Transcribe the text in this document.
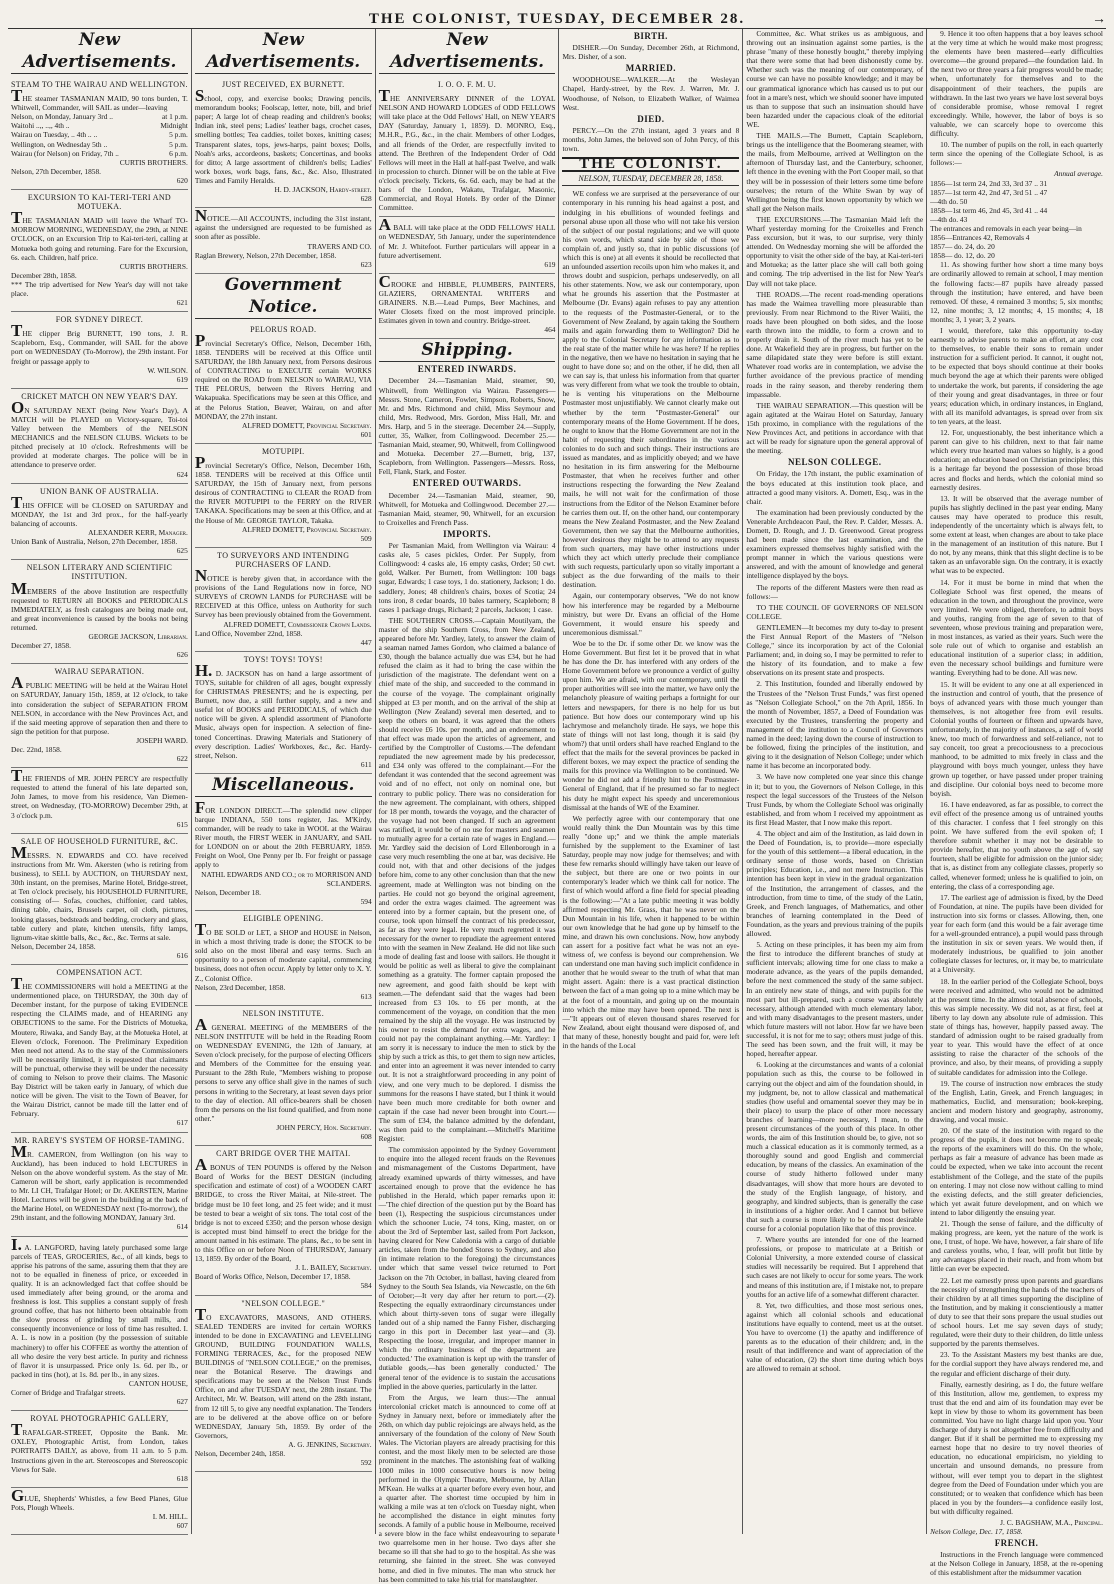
THE COLONIST, TUESDAY, DECEMBER 28.	→
New Advertisements.
STEAM TO THE WAIRAU AND WELLINGTON.

THE steamer TASMANIAN MAID, 90 tons burden, T. Whitwell, Commander, will SAIL as under—leaving

Nelson, on Monday, January 3rd ..	at 1 p.m.
Waitohi ..,, ..,, 4th ..	Midnight
Wairau on Tuesday, .. 4th .. ..	5 p.m.
Wellington, on Wednesday 5th ..	5 p.m.
Wairau (for Nelson) on Friday, 7th ..	6 p.m.

CURTIS BROTHERS.

Nelson, 27th December, 1858.

620

EXCURSION TO KAI-TERI-TERI AND MOTUEKA.

THE TASMANIAN MAID will leave the Wharf TO-MORROW MORNING, WEDNESDAY, the 29th, at NINE O'CLOCK, on an Excursion Trip to Kai-teri-teri, calling at Motueka both going and returning. Fare for the Excursion, 6s. each. Children, half price.

CURTIS BROTHERS.

December 28th, 1858.

*** The trip advertised for New Year's day will not take place.

621

FOR SYDNEY DIRECT.

THE clipper Brig BURNETT, 190 tons, J. R. Scapleborn, Esq., Commander, will SAIL for the above port on WEDNESDAY (To-Morrow), the 29th instant. For freight or passage apply to

W. WILSON.

619

CRICKET MATCH ON NEW YEAR'S DAY.

ON SATURDAY NEXT (being New Year's Day), A MATCH will be PLAYED on Victory-square, Toi-toi Valley between the Members of the NELSON MECHANICS and the NELSON CLUBS. Wickets to be pitched precisely at 10 o'clock. Refreshments will be provided at moderate charges. The police will be in attendance to preserve order.

624

UNION BANK OF AUSTRALIA.

THIS OFFICE will be CLOSED on SATURDAY and MONDAY, the 1st and 3rd prox., for the half-yearly balancing of accounts.

ALEXANDER KERR, Manager.

Union Bank of Australia, Nelson, 27th December, 1858.

625

NELSON LITERARY AND SCIENTIFIC INSTITUTION.

MEMBERS of the above Institution are respectfully requested to RETURN all BOOKS and PERIODICALS IMMEDIATELY, as fresh catalogues are being made out, and great inconvenience is caused by the books not being returned.

GEORGE JACKSON, Librarian.

December 27, 1858.

626

WAIRAU SEPARATION.

A PUBLIC MEETING will be held at the Wairau Hotel on SATURDAY, January 15th, 1859, at 12 o'clock, to take into consideration the subject of SEPARATION FROM NELSON, in accordance with the New Provinces Act, and if the said meeting approve of separation then and there to sign the petition for that purpose.

JOSEPH WARD.

Dec. 22nd, 1858.

622

THE FRIENDS of MR. JOHN PERCY are respectfully requested to attend the funeral of his late departed son, John James, to move from his residence, Van Diemen-street, on Wednesday, (TO-MORROW) December 29th, at 3 o'clock p.m.

615

SALE OF HOUSEHOLD FURNITURE, &C.

MESSRS. N. EDWARDS and CO. have received instructions from Mr. Wm. Akersten (who is retiring from business), to SELL by AUCTION, on THURSDAY next, 30th instant, on the premises, Marine Hotel, Bridge-street, at Ten o'clock precisely, his HOUSEHOLD FURNITURE, consisting of— Sofas, couches, chiffonier, card tables, dining table, chairs, Brussels carpet, oil cloth, pictures, looking glasses, bedsteads and bedding, crockery and glass, table cutlery and plate, kitchen utensils, fifty lamps, lignum-vitae skittle balls, &c., &c., &c. Terms at sale.

Nelson, December 24, 1858.

616

COMPENSATION ACT.

THE COMMISSIONERS will hold a MEETING at the undermentioned place, on THURSDAY, the 30th day of December instant, for the purpose of taking EVIDENCE respecting the CLAIMS made, and of HEARING any OBJECTIONS to the same. For the Districts of Motueka, Moutere, Riwaka, and Sandy Bay, at the Motueka Hotel, at Eleven o'clock, Forenoon. The Preliminary Expedition Men need not attend. As to the stay of the Commissioners will be necessarily limited, it is requested that claimants will be punctual, otherwise they will be under the necessity of coming to Nelson to prove their claims. The Masonic Bay District will be taken early in January, of which due notice will be given. The visit to the Town of Beaver, for the Wairau District, cannot be made till the latter end of February.

617

MR. RAREY'S SYSTEM OF HORSE-TAMING.

MR. CAMERON, from Wellington (on his way to Auckland), has been induced to hold LECTURES in Nelson on the above wonderful system. As the stay of Mr. Cameron will be short, early application is recommended to Mr. LI CH, Trafalgar Hotel; or Dr. AKERSTEN, Marine Hotel. Lectures will be given in the building at the back of the Marine Hotel, on WEDNESDAY next (To-morrow), the 29th instant, and the following MONDAY, January 3rd.

614

I. A. LANGFORD, having lately purchased some large parcels of TEAS, GROCERIES, &c., of all kinds, begs to apprise his patrons of the same, assuring them that they are not to be equalled in fineness of price, or exceeded in quality. It is an acknowledged fact that coffee should be used immediately after being ground, or the aroma and freshness is lost. This supplies a constant supply of fresh ground coffee, that has not hitherto been obtainable from the slow process of grinding by small mills, and consequently inconvenience or loss of time has resulted. I. A. L. is now in a position (by the possession of suitable machinery) to offer his COFFEE as worthy the attention of all who desire the very best article. In purity and richness of flavor it is unsurpassed. Price only 1s. 6d. per lb., or packed in tins (hot), at 1s. 8d. per lb., in any sizes.

CANTON HOUSE,

Corner of Bridge and Trafalgar streets.

627

ROYAL PHOTOGRAPHIC GALLERY,

TRAFALGAR-STREET, Opposite the Bank. Mr. OXLEY, Photographic Artist, from London, takes PORTRAITS DAILY, as above, from 11 a.m. to 5 p.m. Instructions given in the art. Stereoscopes and Stereoscopic Views for Sale.

618

GLUE, Shepherds' Whistles, a few Beed Planes, Glue Pots, Plough Wheels.

I. M. HILL.

607

New Advertisements.
JUST RECEIVED, EX BURNETT.

School, copy, and exercise books; Drawing pencils, memorandum books; Foolscap, letter, note, bill, and brief paper; A large lot of cheap reading and children's books; Indian ink, steel pens; Ladies' leather bags, crochet cases, smelling bottles; Tea caddies, toilet boxes, knitting cases; Transparent slates, tops, jews-harps, paint boxes; Dolls, Noah's arks, accordeons, baskets; Concertinas, and books for ditto; A large assortment of children's bells; Ladies' work boxes, work bags, fans, &c., &c. Also, Illustrated Times and Family Heralds.

H. D. JACKSON, Hardy-street.

628

NOTICE.—All ACCOUNTS, including the 31st instant, against the undersigned are requested to be furnished as soon after as possible.

TRAVERS AND CO.

Raglan Brewery, Nelson, 27th December, 1858.

623

Government Notice.
PELORUS ROAD.

Provincial Secretary's Office, Nelson, December 16th, 1858. TENDERS will be received at this Office until SATURDAY, the 18th January next, from Persons desirous of CONTRACTING to EXECUTE certain WORKS required on the ROAD from NELSON to WAIRAU, VIA THE PELORUS, between the Rivers Herring and Wakapuaka. Specifications may be seen at this Office, and at the Pelorus Station, Beaver, Wairau, on and after MONDAY, the 27th instant.

ALFRED DOMETT, Provincial Secretary.

601

MOTUPIPI.

Provincial Secretary's Office, Nelson, December 16th, 1858. TENDERS will be received at this Office until SATURDAY, the 15th of January next, from persons desirous of CONTRACTING to CLEAR the ROAD from the RIVER MOTUPIPI to the FERRY on the RIVER TAKAKA. Specifications may be seen at this Office, and at the House of Mr. GEORGE TAYLOR, Takaka.

ALFRED DOMETT, Provincial Secretary.

509

TO SURVEYORS AND INTENDING PURCHASERS OF LAND.

NOTICE is hereby given that, in accordance with the provisions of the Land Regulations now in force, NO SURVEYS of CROWN LANDS for PURCHASE will be RECEIVED at this Office, unless on Authority for such Survey has been previously obtained from the Government.

ALFRED DOMETT, Commissioner Crown Lands.

Land Office, November 22nd, 1858.

447

TOYS! TOYS! TOYS!

H. D. JACKSON has on hand a large assortment of TOYS, suitable for children of all ages, bought expressly for CHRISTMAS PRESENTS; and he is expecting, per Burnett, now due, a still further supply, and a new and useful lot of BOOKS and PERIODICALS, of which due notice will be given. A splendid assortment of Pianoforte Music, always open for inspection. A selection of fine-toned Concertinas. Drawing Materials and Stationery of every description. Ladies' Workboxes, &c., &c. Hardy-street, Nelson.

611

Miscellaneous.

FOR LONDON DIRECT.—The splendid new clipper barque INDIANA, 550 tons register, Jas. M'Kirdy, commander, will be ready to take in WOOL at the Wairau River mouth, the FIRST WEEK in JANUARY, and SAIL for LONDON on or about the 20th FEBRUARY, 1859. Freight on Wool, One Penny per lb. For freight or passage apply to

NATHL EDWARDS AND CO.; or to MORRISON AND SCLANDERS.

Nelson, December 18.

594

ELIGIBLE OPENING.

TO BE SOLD or LET, a SHOP and HOUSE in Nelson, in which a most thriving trade is done; the STOCK to be sold also on the most liberal and easy terms. Such an opportunity to a person of moderate capital, commencing business, does not often occur. Apply by letter only to X. Y. Z., Colonist Office.

Nelson, 23rd December, 1858.

613

NELSON INSTITUTE.

A GENERAL MEETING of the MEMBERS of the NELSON INSTITUTE will be held in the Reading Room on WEDNESDAY EVENING, the 12th of January, at Seven o'clock precisely, for the purpose of electing Officers and Members of the Committee for the ensuing year. Pursuant to the 28th Rule, "Members wishing to propose persons to serve any office shall give in the names of such persons in writing to the Secretary, at least seven days prior to the day of election. All office-bearers shall be chosen from the persons on the list found qualified, and from none other."

JOHN PERCY, Hon. Secretary.

608

CART BRIDGE OVER THE MAITAI.

A BONUS of TEN POUNDS is offered by the Nelson Board of Works for the BEST DESIGN (including specification and estimate of cost) of a WOODEN CART BRIDGE, to cross the River Maitai, at Nile-street. The bridge must be 10 feet long, and 25 feet wide; and it must be tested to bear a weight of six tons. The total cost of the bridge is not to exceed £350; and the person whose design is accepted must bind himself to erect the bridge for the amount named in his estimate. The plans, &c., to be sent in to this Office on or before Noon of THURSDAY, January 13, 1859. By order of the Board,

J. L. BAILEY, Secretary.

Board of Works Office, Nelson, December 17, 1858.

584

"NELSON COLLEGE."

TO EXCAVATORS, MASONS, AND OTHERS. SEALED TENDERS are invited for certain WORKS intended to be done in EXCAVATING and LEVELLING GROUND, BUILDING FOUNDATION WALLS, FORMING TERRACES, &c., for the proposed NEW BUILDINGS of "NELSON COLLEGE," on the premises, near the Botanical Reserve. The drawings and specifications may be seen at the Nelson Trust Funds Office, on and after TUESDAY next, the 28th instant. The Architect, Mr. W. Beatson, will attend on the 28th instant, from 12 till 5, to give any needful explanation. The Tenders are to be delivered at the above office on or before WEDNESDAY, January 5th, 1859. By order of the Governors,

A. G. JENKINS, Secretary.

Nelson, December 24th, 1858.

592

New Advertisements.
I. O. O. F. M. U.

THE ANNIVERSARY DINNER of the LOYAL NELSON AND HOWARD LODGES of ODD FELLOWS will take place at the Odd Fellows' Hall, on NEW YEAR'S DAY (Saturday, January 1, 1859). D. MONRO, Esq., M.H.R., P.G., &c., in the chair. Members of other Lodges, and all friends of the Order, are respectfully invited to attend. The Brethren of the Independent Order of Odd Fellows will meet in the Hall at half-past Twelve, and walk in procession to church. Dinner will be on the table at Five o'clock precisely. Tickets, 6s. 6d. each, may be had at the bars of the London, Wakatu, Trafalgar, Masonic, Commercial, and Royal Hotels. By order of the Dinner Committee.

A BALL will take place at the ODD FELLOWS' HALL on WEDNESDAY, 5th January, under the superintendence of Mr. J. Whitefoot. Further particulars will appear in a future advertisement.

619

CROOKE and HIBBLE, PLUMBERS, PAINTERS, GLAZIERS, ORNAMENTAL WRITERS and GRAINERS. N.B.—Lead Pumps, Beer Machines, and Water Closets fixed on the most improved principle. Estimates given in town and country. Bridge-street.

464

Shipping.
ENTERED INWARDS.

December 24.—Tasmanian Maid, steamer, 90, Whitwell, from Wellington via Wairau. Passengers—Messrs. Stone, Cameron, Fowler, Simpson, Roberts, Snow, Mr. and Mrs. Richmond and child, Miss Seymour and child, Mrs. Redwood, Mrs. Gordon, Miss Hall, Mr. and Mrs. Harp, and 5 in the steerage. December 24.—Supply, cutter, 35, Walker, from Collingwood. December 25.—Tasmanian Maid, steamer, 90, Whitwell, from Collingwood and Motueka. December 27.—Burnett, brig, 137, Scapleborn, from Wellington. Passengers—Messrs. Ross, Fell, Flank, Stark, and Foster.

ENTERED OUTWARDS.

December 24.—Tasmanian Maid, steamer, 90, Whitwell, for Motueka and Collingwood. December 27.—Tasmanian Maid, steamer, 90, Whitwell, for an excursion to Croixelles and French Pass.

IMPORTS.

Per Tasmanian Maid, from Wellington via Wairau: 4 casks ale, 5 cases pickles, Order. Per Supply, from Collingwood: 4 casks ale, 16 empty casks, Order; 50 cwt. gold, Walker. Per Burnett, from Wellington: 100 bags sugar, Edwards; 1 case toys, 1 do. stationery, Jackson; 1 do. saddlery, Jones; 48 children's chairs, boxes of Scotia; 24 tons iron, 8 cedar boards, 10 bales tarmery, Scapleborn; 8 cases 1 package drugs, Richard; 2 parcels, Jackson; 1 case.

THE SOUTHERN CROSS.—Captain Moutilyam, the master of the ship Southern Cross, from New Zealand, appeared before Mr. Yardley, lately, to answer the claim of a seaman named James Gordon, who claimed a balance of £30, though the balance actually due was £34, but he had refused the claim as it had to bring the case within the jurisdiction of the magistrate. The defendant went on a chief mate of the ship, and succeeded to the command in the course of the voyage. The complainant originally shipped at £3 per month, and on the arrival of the ship at Wellington (New Zealand) several men deserted, and to keep the others on board, it was agreed that the others should receive £6 10s. per month, and an endorsement to that effect was made upon the articles of agreement, and certified by the Comptroller of Customs.—The defendant repudiated the new agreement made by his predecessor, and £34 only was offered to the complainant.—For the defendant it was contended that the second agreement was void and of no effect, not only on nominal one, but contrary to public policy. There was no consideration for the new agreement. The complainant, with others, shipped for 18 per month, towards the voyage, and the character of the voyage had not been changed. If such an agreement was ratified, it would be of no use for masters and seamen to mutually agree for a certain rate of wages in England.—Mr. Yardley said the decision of Lord Ellenborough in a case very much resembling the one at bar, was decisive. He could not, with that and other decisions of the judges before him, come to any other conclusion than that the new agreement, made at Wellington was not binding on the parties. He could not go beyond the original agreement, and order the extra wages claimed. The agreement was entered into by a former captain, but the present one, of course, took upon himself the contract of his predecessor, as far as they were legal. He very much regretted it was necessary for the owner to repudiate the agreement entered into with the seamen in New Zealand. He did not like such a mode of dealing fast and loose with sailors. He thought it would be politic as well as liberal to give the complainant something as a gratuity. The former captain proposed the new agreement, and good faith should be kept with seamen.—The defendant said that the wages had been increased from £3 10s. to £6 per month, at the commencement of the voyage, on condition that the men remained by the ship all the voyage. He was instructed by his owner to resist the demand for extra wages, and he could not pay the complainant anything.—Mr. Yardley: I am sorry it is necessary to induce the men to stick by the ship by such a trick as this, to get them to sign new articles, and enter into an agreement it was never intended to carry out. It is not a straightforward proceeding in any point of view, and one very much to be deplored. I dismiss the summons for the reasons I have stated, but I think it would have been much more creditable for both owner and captain if the case had never been brought into Court.—The sum of £34, the balance admitted by the defendant, was then paid to the complainant.—Mitchell's Maritime Register.

The commission appointed by the Sydney Government to enquire into the alleged recent frauds on the Revenues and mismanagement of the Customs Department, have already examined upwards of thirty witnesses, and have ascertained enough to prove that the evidence he has published in the Herald, which paper remarks upon it:—'The chief direction of the question put by the Board has been (1), Respecting the suspicious circumstances under which the schooner Lucie, 74 tons, King, master, on or about the 3rd of September last, sailed from Port Jackson, having cleared for New Caledonia with a cargo of dutiable articles, taken from the bonded Stores to Sydney, and also (in intimate relation to the foregoing) the circumstances under which that same vessel twice returned to Port Jackson on the 7th October, in ballast, having cleared from Sydney to the South Sea Islands, via Newcastle, on the 6th of October;—It very day after her return to port.—(2). Respecting the equally extraordinary circumstances under which about thirty-seven tons of sugar were illegally landed out of a ship named the Fanny Fisher, discharging cargo in this port in December last year—and (3). Respecting the loose, irregular, and improper manner in which the ordinary business of the department are conducted.' The examination is kept up with the transfer of dutiable goods,—has been generally conducted.' The general tenor of the evidence is to sustain the accusations implied in the above queries, particularly in the latter.

From the Argus, we learn thus:—The annual intercolonial cricket match is announced to come off at Sydney in January next, before or immediately after the 26th, on which day public rejoicings are always held, as the anniversary of the foundation of the colony of New South Wales. The Victorian players are already practising for this contest, and the most likely men to be selected are those prominent in the matches. The astonishing feat of walking 1000 miles in 1000 consecutive hours is now being performed in the Olympic Theatre, Melbourne, by Allan M'Kean. He walks at a quarter before every even hour, and a quarter after. The shortest time occupied by him in walking a mile was at ten o'clock on Tuesday night, when he accomplished the distance in eight minutes forty seconds. A family of a public house in Melbourne, received a severe blow in the face whilst endeavouring to separate two quarrelsome men in her house. Two days after she became so ill that she had to go to the hospital. As she was returning, she fainted in the street. She was conveyed home, and died in five minutes. The man who struck her has been committed to take his trial for manslaughter.

BIRTH.

DISHER.—On Sunday, December 26th, at Richmond, Mrs. Disher, of a son.

MARRIED.

WOODHOUSE—WALKER.—At the Wesleyan Chapel, Hardy-street, by the Rev. J. Warren, Mr. J. Woodhouse, of Nelson, to Elizabeth Walker, of Waimea West.

DIED.

PERCY.—On the 27th instant, aged 3 years and 8 months, John James, the beloved son of John Percy, of this town.

THE COLONIST.
NELSON, TUESDAY, DECEMBER 28, 1858.

WE confess we are surprised at the perseverance of our contemporary in his running his head against a post, and indulging in his ebullitions of wounded feelings and personal abuse upon all those who will not take his version of the subject of our postal regulations; and we will quote his own words, which stand side by side of those we complain of, and justly so, that in public discussions (of which this is one) at all events it should be recollected that an unfounded assertion recoils upon him who makes it, and throws doubt and suspicion, perhaps undeservedly, on all his other statements. Now, we ask our contemporary, upon what he grounds his assertion that the Postmaster at Melbourne (Dr. Evans) again refuses to pay any attention to the requests of the Postmaster-General, or to the Government of New Zealand, by again taking the Southern mails and again forwarding them to Wellington? Did he apply to the Colonial Secretary for any information as to the real state of the matter while he was here? If he replies in the negative, then we have no hesitation in saying that he ought to have done so; and on the other, if he did, then all we can say is, that unless his information from that quarter was very different from what we took the trouble to obtain, he is venting his vituperations on the Melbourne Postmaster most unjustifiably. We cannot clearly make out whether by the term "Postmaster-General" our contemporary means of the Home Government. If he does, he ought to know that the Home Government are not in the habit of requesting their subordinates in the various colonies to do such and such things. Their instructions are issued as mandates, and as implicitly obeyed; and we have no hesitation in its firm answering for the Melbourne Postmaster, that when he receives further and other instructions respecting the forwarding the New Zealand mails, he will not wait for the confirmation of those instructions from the Editor of the Nelson Examiner before he carries them out. If, on the other hand, our contemporary means the New Zealand Postmaster, and the New Zealand Government, then we say that the Melbourne authorities, however desirous they might be to attend to any requests from such quarters, may have other instructions under which they act which utterly preclude their compliance with such requests, particularly upon so vitally important a subject as the due forwarding of the mails to their destination.

Again, our contemporary observes, "We do not know how his interference may be regarded by a Melbourne ministry, but were Dr. Evans an official of the Home Government, it would ensure his speedy and unceremonious dismissal."

Woe be to the Dr. if some other Dr. we know was the Home Government. But first let it be proved that in what he has done the Dr. has interfered with any orders of the Home Government before we pronounce a verdict of guilty upon him. We are afraid, with our contemporary, until the proper authorities will see into the matter, we have only the melancholy pleasure of waiting perhaps a fortnight for our letters and newspapers, for there is no help for us but patience. But how does our contemporary wind up his lachrymose and melancholy tirade. He says, we hope this state of things will not last long, though it is said (by whom?) that until orders shall have reached England to the effect that the mails for the several provinces be packed in different boxes, we may expect the practice of sending the mails for this province via Wellington to be continued. We wonder he did not add a friendly hint to the Postmaster-General of England, that if he presumed so far to neglect his duty he might expect his speedy and unceremonious dismissal at the hands of WE of the Examiner.

We perfectly agree with our contemporary that one would really think the Dun Mountain was by this time really "done up;" and we think the ample materials furnished by the supplement to the Examiner of last Saturday, people may now judge for themselves; and with these few remarks should willingly have taken our leave of the subject, but there are one or two points in our contemporary's leader which we think call for notice. The first of which would afford a fine field for special pleading is the following:—"At a late public meeting it was boldly affirmed respecting Mr. Grass, that he was never on the Dun Mountain in his life, when it happened to be within our own knowledge that he had gone up by himself to the mine, and drawn his own conclusions. Now, how anybody can assert for a positive fact what he was not an eye-witness of, we confess is beyond our comprehension. We can understand one man having such implicit confidence in another that he would swear to the truth of what that man might assert. Again: there is a vast practical distinction between the fact of a man going up to a mine which may be at the foot of a mountain, and going up on the mountain into which the mine may have been opened. The next is—"It appears out of eleven thousand shares reserved for New Zealand, about eight thousand were disposed of, and that many of these, honestly bought and paid for, were left in the hands of the Local

Committee, &c. What strikes us as ambiguous, and throwing out an insinuation against some parties, is the phrase "many of these honestly bought," thereby implying that there were some that had been dishonestly come by. Whether such was the meaning of our contemporary, of course we can have no possible knowledge; and it may be our grammatical ignorance which has caused us to put our foot in a mare's nest, which we should sooner have imputed us than to suppose that such an insinuation should have been hazarded under the capacious cloak of the editorial WE.

THE MAILS.—The Burnett, Captain Scapleborn, brings us the intelligence that the Boomerang steamer, with the mails, from Melbourne, arrived at Wellington on the afternoon of Thursday last, and the Canterbury, schooner, left thence in the evening with the Port Cooper mail, so that they will be in possession of their letters some time before ourselves; the return of the White Swan by way of Wellington being the first known opportunity by which we shall get the Nelson mails.

THE EXCURSIONS.—The Tasmanian Maid left the Wharf yesterday morning for the Croixelles and French Pass excursion, but it was, to our surprise, very thinly attended. On Wednesday morning she will be afforded the opportunity to visit the other side of the bay, at Kai-teri-teri and Motueka; as the latter place she will call both going and coming. The trip advertised in the list for New Year's Day will not take place.

THE ROADS.—The recent road-mending operations has made the Waimea travelling more pleasurable than previously. From near Richmond to the River Waiiti, the roads have been ploughed on both sides, and the loose earth thrown into the middle, to form a crown and to properly drain it. South of the river much has yet to be done. At Wakefield they are in progress, but further on the same dilapidated state they were before is still extant. Whatever road works are in contemplation, we advise the further avoidance of the previous practice of mending roads in the rainy season, and thereby rendering them impassable.

THE WAIRAU SEPARATION.—This question will be again agitated at the Wairau Hotel on Saturday, January 15th proximo, in compliance with the regulations of the New Provinces Act, and petitions in accordance with that act will be ready for signature upon the general approval of the meeting.

NELSON COLLEGE.

On Friday, the 17th instant, the public examination of the boys educated at this institution took place, and attracted a good many visitors. A. Domett, Esq., was in the chair.

The examination had been previously conducted by the Venerable Archdeacon Paul, the Rev. P. Calder, Messrs. A. Domett, D. Rough, and J. D. Greenwood. Great progress had been made since the last examination, and the examiners expressed themselves highly satisfied with the prompt manner in which the various questions were answered, and with the amount of knowledge and general intelligence displayed by the boys.

The reports of the different Masters were then read as follows:—

TO THE COUNCIL OF GOVERNORS OF NELSON COLLEGE.

GENTLEMEN—It becomes my duty to-day to present the First Annual Report of the Masters of "Nelson College," since its incorporation by act of the Colonial Parliament; and, in doing so, I may be permitted to refer to the history of its foundation, and to make a few observations on its present state and prospects.

2. This Institution, founded and liberally endowed by the Trustees of the "Nelson Trust Funds," was first opened as "Nelson Collegiate School," on the 7th April, 1856. In the month of November, 1857, a Deed of Foundation was executed by the Trustees, transferring the property and management of the institution to a Council of Governors named in the deed; laying down the course of instruction to be followed, fixing the principles of the institution, and giving to it the designation of Nelson College; under which name it has become an incorporated body.

3. We have now completed one year since this change in it; but to you, the Governors of Nelson College, in this respect the legal successors of the Trustees of the Nelson Trust Funds, by whom the Collegiate School was originally established, and from whom I received my appointment as its first Head Master, that I now make this report.

4. The object and aim of the Institution, as laid down in the Deed of Foundation, is, to provide—more especially for the youth of this settlement—a liberal education, in the ordinary sense of those words, based on Christian principles; Education, i.e., and not mere Instruction. This intention has been kept in view in the gradual organization of the Institution, the arrangement of classes, and the introduction, from time to time, of the study of the Latin, Greek, and French languages, of Mathematics, and other branches of learning contemplated in the Deed of Foundation, as the years and previous training of the pupils allowed.

5. Acting on these principles, it has been my aim from the first to introduce the different branches of study at sufficient intervals; allowing time for one class to make a moderate advance, as the years of the pupils demanded, before the next commenced the study of the same subject. In an entirely new state of things, and with pupils for the most part but ill-prepared, such a course was absolutely necessary, although attended with much elementary labor, and with many disadvantages to the present masters, under which future masters will not labor. How far we have been successful, it is not for me to say; others must judge of this. The seed has been sown, and the fruit will, it may be hoped, hereafter appear.

6. Looking at the circumstances and wants of a colonial population such as this, the course to be followed in carrying out the object and aim of the foundation should, in my judgment, be, not to allow classical and mathematical studies (how useful and ornamental soever they may be in their place) to usurp the place of other more necessary branches of learning—more necessary, I mean, to the present circumstances of the youth of this place. In other words, the aim of this Institution should be, to give, not so much a classical education as it is commonly termed, as a thoroughly sound and good English and commercial education, by means of the classics. An examination of the course of study hitherto followed under many disadvantages, will show that more hours are devoted to the study of the English language, of history, and geography, and kindred subjects, than is generally the case in institutions of a higher order. And I cannot but believe that such a course is more likely to be the most desirable course for a colonial population like that of this province.

7. Where youths are intended for one of the learned professions, or propose to matriculate at a British or Colonial University, a more extended course of classical studies will necessarily be required. But I apprehend that such cases are not likely to occur for some years. The work and means of this institution are, if I mistake not, to prepare youths for an active life of a somewhat different character.

8. Yet, two difficulties, and those most serious ones, against which all colonial schools and educational institutions have equally to contend, meet us at the outset. You have to overcome (1) the apathy and indifference of parents as to the education of their children; and, in the result of that indifference and want of appreciation of the value of education, (2) the short time during which boys are allowed to remain at school.

9. Hence it too often happens that a boy leaves school at the very time at which he would make most progress; the elements have been mastered—early difficulties overcome—the ground prepared—the foundation laid. In the next two or three years a fair progress would be made; when, unfortunately for themselves and to the disappointment of their teachers, the pupils are withdrawn. In the last two years we have lost several boys of considerable promise, whose removal I regret exceedingly. While, however, the labor of boys is so valuable, we can scarcely hope to overcome this difficulty.

10. The number of pupils on the roll, in each quarterly term since the opening of the Collegiate School, is as follows:—

Annual average.
1856—1st term 24, 2nd 33, 3rd 37 .. 31
1857—1st term 42, 2nd 47, 3rd 51 .. 47
—4th do. 50
1858—1st term 46, 2nd 45, 3rd 41 .. 44
—4th do. 43
The entrances and removals in each year being—in
1856—Entrances 42, Removals 4
1857— do. 24, do. 20
1858— do. 12, do. 20

11. As showing further how short a time many boys are ordinarily allowed to remain at school, I may mention the following facts:—87 pupils have already passed through the institution; have entered, and have been removed. Of these, 4 remained 3 months; 5, six months; 12, nine months; 3, 12 months; 4, 15 months; 4, 18 months; 3, 1 year; 3, 2 years.

I would, therefore, take this opportunity to-day earnestly to advise parents to make an effort, at any cost to themselves, to enable their sons to remain under instruction for a sufficient period. It cannot, it ought not, to be expected that boys should continue at their books much beyond the age at which their parents were obliged to undertake the work, but parents, if considering the age of their young and great disadvantages, in three or four years; education which, in ordinary instances, in England, with all its manifold advantages, is spread over from six to ten years, at the least.

12. For, unquestionably, the best inheritance which a parent can give to his children, next to that fair name which every true hearted man values so highly, is a good education; an education based on Christian principles; this is a heritage far beyond the possession of those broad acres and flocks and herds, which the colonial mind so earnestly desires.

13. It will be observed that the average number of pupils has slightly declined in the past year ending. Many causes may have operated to produce this result, independently of the uncertainty which is always felt, to some extent at least, when changes are about to take place in the management of an institution of this nature. But I do not, by any means, think that this slight decline is to be taken as an unfavorable sign. On the contrary, it is exactly what was to be expected.

14. For it must be borne in mind that when the Collegiate School was first opened, the means of education in the town, and throughout the province, were very limited. We were obliged, therefore, to admit boys and youths, ranging from the age of seven to that of seventeen, whose previous training and preparation were, in most instances, as varied as their years. Such were the sole rule out of which to organise and establish an educational institution of a superior class; in addition, even the necessary school buildings and furniture were wanting. Everything had to be done. All was new.

15. It will be evident to any one at all experienced in the instruction and control of youth, that the presence of boys of advanced years with those much younger than themselves, is not altogether free from evil results. Colonial youths of fourteen or fifteen and upwards have, unfortunately, in the majority of instances, a self of world knew, too much of forwardness and self-reliance, not to say conceit, too great a precociousness to a precocious manhood, to be admitted to mix freely in class and the playground with boys much younger, unless they have grown up together, or have passed under proper training and discipline. Our colonial boys need to become more boyish.

16. I have endeavored, as far as possible, to correct the evil effect of the presence among us of untrained youths of this character. I confess that I feel strongly on this point. We have suffered from the evil spoken of; I therefore submit whether it may not be desirable to provide hereafter, that no youth above the age of, say fourteen, shall be eligible for admission on the junior side; that is, as distinct from any collegiate classes, properly so called, whenever formed; unless he is qualified to join, on entering, the class of a corresponding age.

17. The earliest age of admission is fixed, by the Deed of Foundation, at nine. The pupils have been divided for instruction into six forms or classes. Allowing, then, one year for each form (and this would be a fair average time for a well-grounded entrance), a pupil would pass through the institution in six or seven years. We would then, if moderately industrious, be qualified to join another collegiate classes for lectures, or, it may be, to matriculate at a University.

18. In the earlier period of the Collegiate School, boys were received and admitted, who would not be admitted at the present time. In the almost total absence of schools, this was simple necessity. We did not, as at first, feel at liberty to lay down any absolute rule of admission. This state of things has, however, happily passed away. The standard of admission ought to be raised gradually from year to year. This would have the effect of at once assisting to raise the character of the schools of the province, and also, by their means, of providing a supply of suitable candidates for admission into the College.

19. The course of instruction now embraces the study of the English, Latin, Greek, and French languages; in mathematics, Euclid, and mensuration; book-keeping, ancient and modern history and geography, astronomy, drawing, and vocal music.

20. Of the state of the institution with regard to the progress of the pupils, it does not become me to speak; the reports of the examiners will do this. On the whole, perhaps as fair a measure of advance has been made as could be expected, when we take into account the recent establishment of the College, and the state of the pupils on entering. I may not close now without calling to mind the existing defects, and the still greater deficiencies, which yet await future development, and on which we intend to labor diligently the ensuing year.

21. Though the sense of failure, and the difficulty of making progress, are keen, yet the nature of the work is one, I trust, of hope. We have, however, a fair share of life and careless youths, who, I fear, will profit but little by any advantages placed in their reach, and from whom but little can ever be expected.

22. Let me earnestly press upon parents and guardians the necessity of strengthening the hands of the teachers of their children by at all times supporting the discipline of the Institution, and by making it conscientiously a matter of duty to see that their sons prepare the usual studies out of school hours. Let me say seven days of study; regulated, were their duty to their children, do little unless supported by the parents themselves.

23. To the Assistant Masters my best thanks are due, for the cordial support they have always rendered me, and the regular and efficient discharge of their duty.

Finally, earnestly desiring, as I do, the future welfare of this Institution, allow me, gentlemen, to express my trust that the end and aim of its foundation may ever be kept in view by those to whom its government has been committed. You have no light charge laid upon you. Your discharge of duty is not altogether free from difficulty and danger. But if it shall be permitted me to expressing my earnest hope that no desire to try novel theories of education, no educational empiricism, no yielding to uncertain and unsound demands, no pressure from without, will ever tempt you to depart in the slightest degree from the Deed of Foundation under which you are constituted; or to weaken that confidence which has been placed in you by the founders—a confidence easily lost, but with difficulty regained.

J. C. BAGSHAW, M.A., Principal.
Nelson College, Dec. 17, 1858.
FRENCH.

Instructions in the French language were commenced at the Nelson College in January, 1858, at the re-opening of this establishment after the midsummer vacation
